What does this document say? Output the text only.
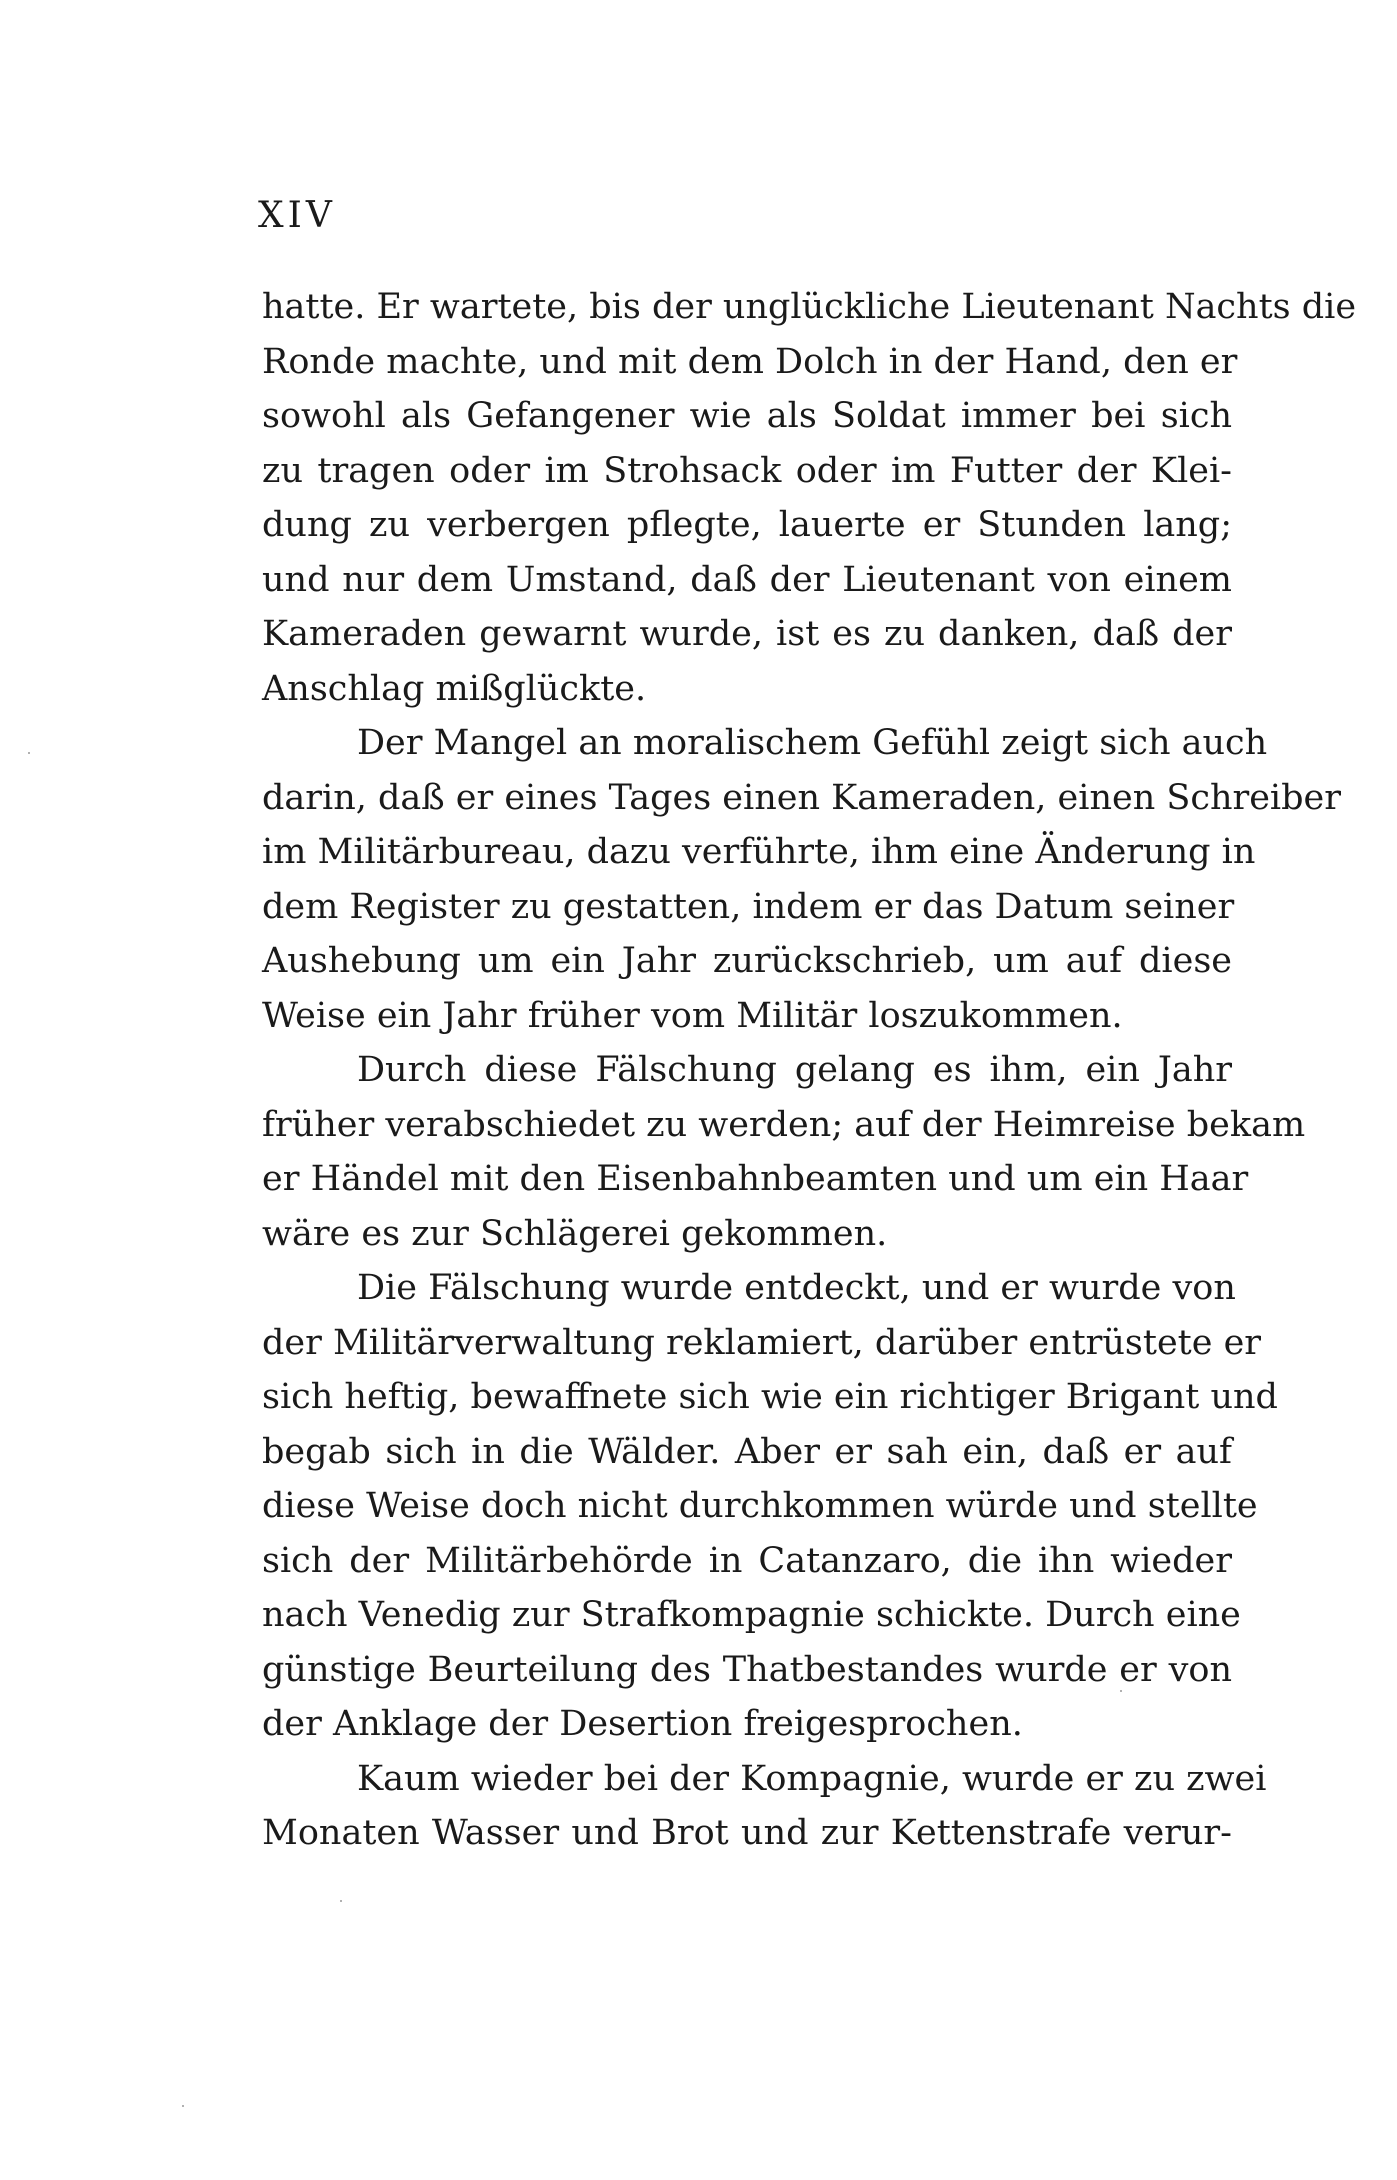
XIV
hatte. Er wartete, bis der unglückliche Lieutenant Nachts die
Ronde machte, und mit dem Dolch in der Hand, den er
sowohl als Gefangener wie als Soldat immer bei sich
zu tragen oder im Strohsack oder im Futter der Klei-
dung zu verbergen pflegte, lauerte er Stunden lang;
und nur dem Umstand, daß der Lieutenant von einem
Kameraden gewarnt wurde, ist es zu danken, daß der
Anschlag mißglückte.
Der Mangel an moralischem Gefühl zeigt sich auch
darin, daß er eines Tages einen Kameraden, einen Schreiber
im Militärbureau, dazu verführte, ihm eine Änderung in
dem Register zu gestatten, indem er das Datum seiner
Aushebung um ein Jahr zurückschrieb, um auf diese
Weise ein Jahr früher vom Militär loszukommen.
Durch diese Fälschung gelang es ihm, ein Jahr
früher verabschiedet zu werden; auf der Heimreise bekam
er Händel mit den Eisenbahnbeamten und um ein Haar
wäre es zur Schlägerei gekommen.
Die Fälschung wurde entdeckt, und er wurde von
der Militärverwaltung reklamiert, darüber entrüstete er
sich heftig, bewaffnete sich wie ein richtiger Brigant und
begab sich in die Wälder. Aber er sah ein, daß er auf
diese Weise doch nicht durchkommen würde und stellte
sich der Militärbehörde in Catanzaro, die ihn wieder
nach Venedig zur Strafkompagnie schickte. Durch eine
günstige Beurteilung des Thatbestandes wurde er von
der Anklage der Desertion freigesprochen.
Kaum wieder bei der Kompagnie, wurde er zu zwei
Monaten Wasser und Brot und zur Kettenstrafe verur-
